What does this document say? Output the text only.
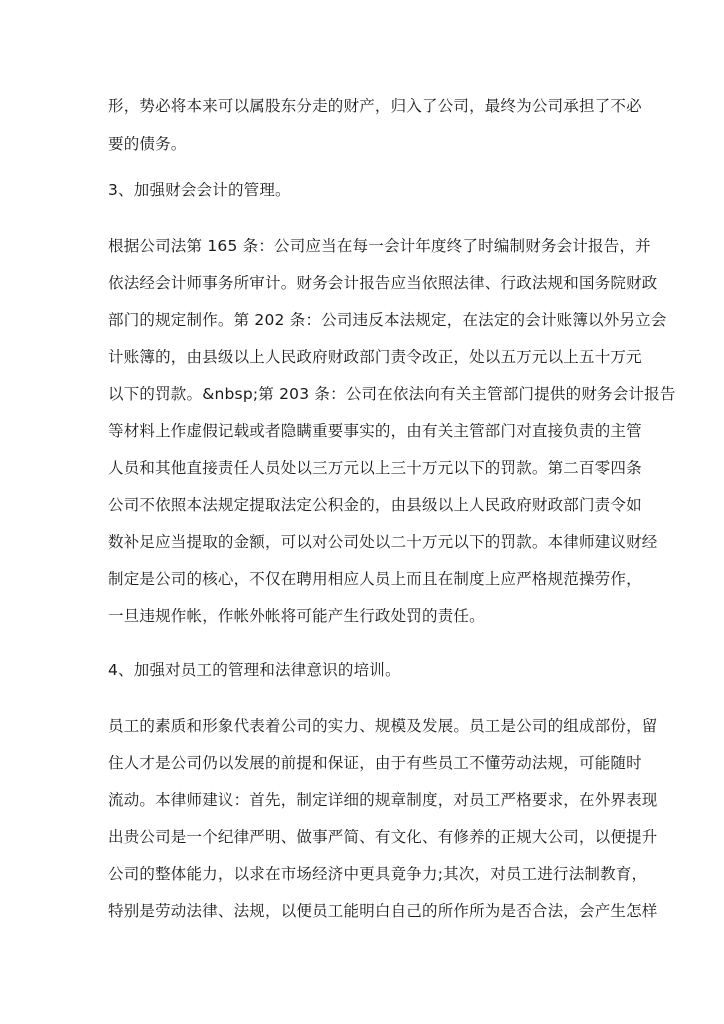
形，势必将本来可以属股东分走的财产，归入了公司，最终为公司承担了不必
要的债务。
3、加强财会会计的管理。
根据公司法第 165 条：公司应当在每一会计年度终了时编制财务会计报告，并
依法经会计师事务所审计。财务会计报告应当依照法律、行政法规和国务院财政
部门的规定制作。第 202 条：公司违反本法规定，在法定的会计账簿以外另立会
计账簿的，由县级以上人民政府财政部门责令改正，处以五万元以上五十万元
以下的罚款。&nbsp;第 203 条：公司在依法向有关主管部门提供的财务会计报告
等材料上作虚假记载或者隐瞒重要事实的，由有关主管部门对直接负责的主管
人员和其他直接责任人员处以三万元以上三十万元以下的罚款。第二百零四条
公司不依照本法规定提取法定公积金的，由县级以上人民政府财政部门责令如
数补足应当提取的金额，可以对公司处以二十万元以下的罚款。本律师建议财经
制定是公司的核心，不仅在聘用相应人员上而且在制度上应严格规范操劳作，
一旦违规作帐，作帐外帐将可能产生行政处罚的责任。
4、加强对员工的管理和法律意识的培训。
员工的素质和形象代表着公司的实力、规模及发展。员工是公司的组成部份，留
住人才是公司仍以发展的前提和保证，由于有些员工不懂劳动法规，可能随时
流动。本律师建议：首先，制定详细的规章制度，对员工严格要求，在外界表现
出贵公司是一个纪律严明、做事严简、有文化、有修养的正规大公司，以便提升
公司的整体能力，以求在市场经济中更具竟争力;其次，对员工进行法制教育，
特别是劳动法律、法规，以便员工能明白自己的所作所为是否合法，会产生怎样
